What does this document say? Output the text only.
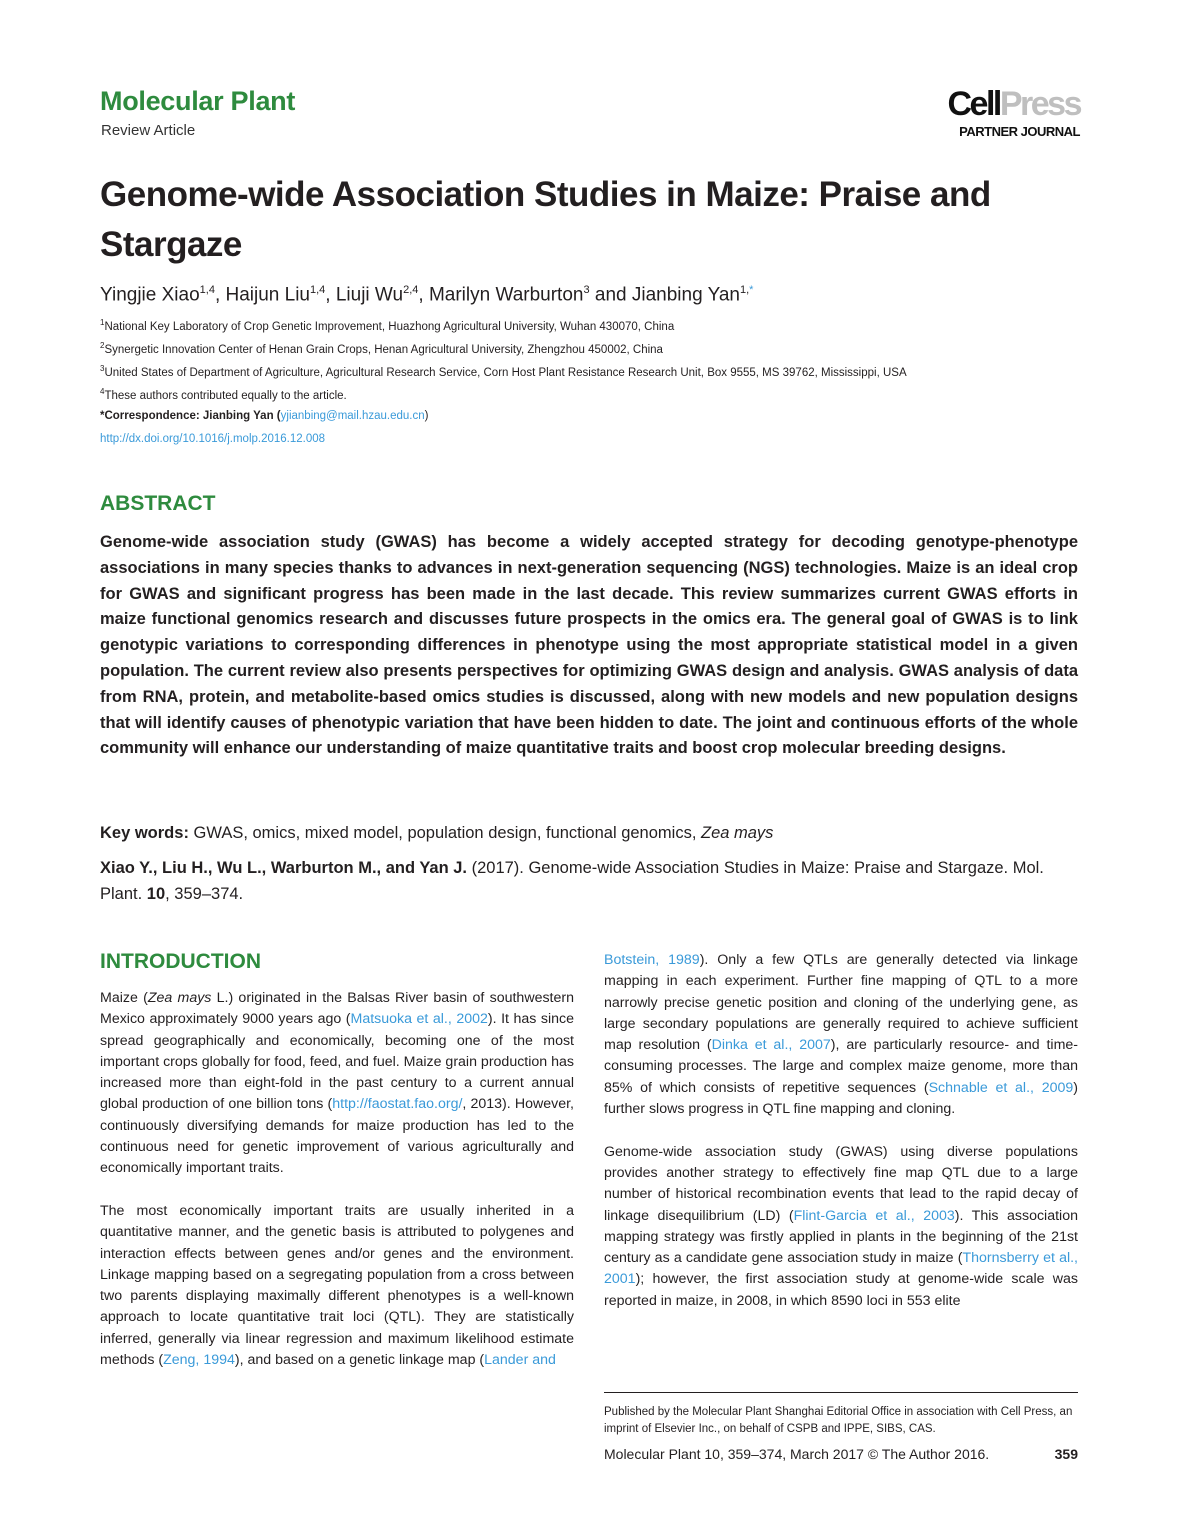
Molecular Plant
Review Article
CellPress
PARTNER JOURNAL
Genome-wide Association Studies in Maize: Praise and Stargaze
Yingjie Xiao$^{1,4}$, Haijun Liu$^{1,4}$, Liuji Wu$^{2,4}$, Marilyn Warburton$^3$ and Jianbing Yan$^{1,*}$
$^1$National Key Laboratory of Crop Genetic Improvement, Huazhong Agricultural University, Wuhan 430070, China
$^2$Synergetic Innovation Center of Henan Grain Crops, Henan Agricultural University, Zhengzhou 450002, China
$^3$United States of Department of Agriculture, Agricultural Research Service, Corn Host Plant Resistance Research Unit, Box 9555, MS 39762, Mississippi, USA
$^4$These authors contributed equally to the article.
*Correspondence: Jianbing Yan (yjianbing@mail.hzau.edu.cn)
http://dx.doi.org/10.1016/j.molp.2016.12.008
ABSTRACT

Genome-wide association study (GWAS) has become a widely accepted strategy for decoding genotype-phenotype associations in many species thanks to advances in next-generation sequencing (NGS) technologies. Maize is an ideal crop for GWAS and significant progress has been made in the last decade. This review summarizes current GWAS efforts in maize functional genomics research and discusses future prospects in the omics era. The general goal of GWAS is to link genotypic variations to corresponding differences in phenotype using the most appropriate statistical model in a given population. The current review also presents perspectives for optimizing GWAS design and analysis. GWAS analysis of data from RNA, protein, and metabolite-based omics studies is discussed, along with new models and new population designs that will identify causes of phenotypic variation that have been hidden to date. The joint and continuous efforts of the whole community will enhance our understanding of maize quantitative traits and boost crop molecular breeding designs.

Key words: GWAS, omics, mixed model, population design, functional genomics, Zea mays

Xiao Y., Liu H., Wu L., Warburton M., and Yan J. (2017). Genome-wide Association Studies in Maize: Praise and Stargaze. Mol. Plant. 10, 359–374.

INTRODUCTION

Maize (Zea mays L.) originated in the Balsas River basin of southwestern Mexico approximately 9000 years ago (Matsuoka et al., 2002). It has since spread geographically and economically, becoming one of the most important crops globally for food, feed, and fuel. Maize grain production has increased more than eight-fold in the past century to a current annual global production of one billion tons (http://faostat.fao.org/, 2013). However, continuously diversifying demands for maize production has led to the continuous need for genetic improvement of various agriculturally and economically important traits.

The most economically important traits are usually inherited in a quantitative manner, and the genetic basis is attributed to polygenes and interaction effects between genes and/or genes and the environment. Linkage mapping based on a segregating population from a cross between two parents displaying maximally different phenotypes is a well-known approach to locate quantitative trait loci (QTL). They are statistically inferred, generally via linear regression and maximum likelihood estimate methods (Zeng, 1994), and based on a genetic linkage map (Lander and

Botstein, 1989). Only a few QTLs are generally detected via linkage mapping in each experiment. Further fine mapping of QTL to a more narrowly precise genetic position and cloning of the underlying gene, as large secondary populations are generally required to achieve sufficient map resolution (Dinka et al., 2007), are particularly resource- and time-consuming processes. The large and complex maize genome, more than 85% of which consists of repetitive sequences (Schnable et al., 2009) further slows progress in QTL fine mapping and cloning.

Genome-wide association study (GWAS) using diverse populations provides another strategy to effectively fine map QTL due to a large number of historical recombination events that lead to the rapid decay of linkage disequilibrium (LD) (Flint-Garcia et al., 2003). This association mapping strategy was firstly applied in plants in the beginning of the 21st century as a candidate gene association study in maize (Thornsberry et al., 2001); however, the first association study at genome-wide scale was reported in maize, in 2008, in which 8590 loci in 553 elite

Published by the Molecular Plant Shanghai Editorial Office in association with Cell Press, an imprint of Elsevier Inc., on behalf of CSPB and IPPE, SIBS, CAS.

Molecular Plant 10, 359–374, March 2017 © The Author 2016.	359
